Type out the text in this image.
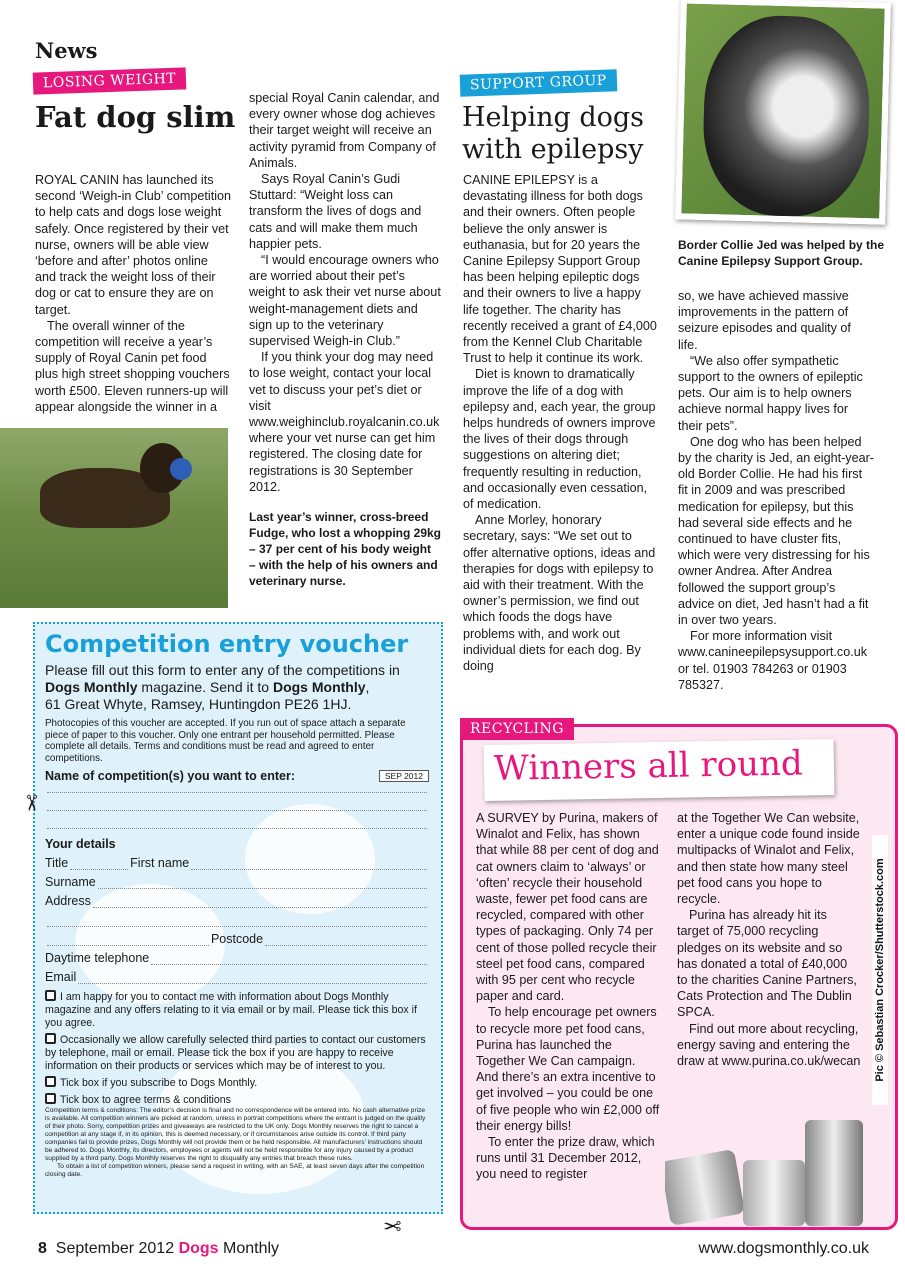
News
LOSING WEIGHT
Fat dog slim

ROYAL CANIN has launched its second ‘Weigh-in Club’ competition to help cats and dogs lose weight safely. Once registered by their vet nurse, owners will be able view ‘before and after’ photos online and track the weight loss of their dog or cat to ensure they are on target.

The overall winner of the competition will receive a year’s supply of Royal Canin pet food plus high street shopping vouchers worth £500. Eleven runners-up will appear alongside the winner in a

special Royal Canin calendar, and every owner whose dog achieves their target weight will receive an activity pyramid from Company of Animals.

Says Royal Canin’s Gudi Stuttard: “Weight loss can transform the lives of dogs and cats and will make them much happier pets.

“I would encourage owners who are worried about their pet’s weight to ask their vet nurse about weight-management diets and sign up to the veterinary supervised Weigh-in Club.”

If you think your dog may need to lose weight, contact your local vet to discuss your pet’s diet or visit www.weighinclub.royalcanin.co.uk where your vet nurse can get him registered. The closing date for registrations is 30 September 2012.

Last year’s winner, cross-breed Fudge, who lost a whopping 29kg – 37 per cent of his body weight – with the help of his owners and veterinary nurse.
Competition entry voucher
Please fill out this form to enter any of the competitions in Dogs Monthly magazine. Send it to Dogs Monthly,
61 Great Whyte, Ramsey, Huntingdon PE26 1HJ.
Photocopies of this voucher are accepted. If you run out of space attach a separate piece of paper to this voucher. Only one entrant per household permitted. Please complete all details. Terms and conditions must be read and agreed to enter competitions.
Name of competition(s) you want to enter:	SEP 2012
Your details
Title	First name
Surname
Address
Postcode
Daytime telephone
Email
I am happy for you to contact me with information about Dogs Monthly magazine and any offers relating to it via email or by mail. Please tick this box if you agree.
Occasionally we allow carefully selected third parties to contact our customers by telephone, mail or email. Please tick the box if you are happy to receive information on their products or services which may be of interest to you.
Tick box if you subscribe to Dogs Monthly.
Tick box to agree terms & conditions
Competition terms & conditions: The editor’s decision is final and no correspondence will be entered into. No cash alternative prize is available. All competition winners are picked at random, unless in portrait competitions where the entrant is judged on the quality of their photo. Sorry, competition prizes and giveaways are restricted to the UK only. Dogs Monthly reserves the right to cancel a competition at any stage if, in its opinion, this is deemed necessary, or if circumstances arise outside its control. If third party companies fail to provide prizes, Dogs Monthly will not provide them or be held responsible. All manufacturers’ instructions should be adhered to. Dogs Monthly, its directors, employees or agents will not be held responsible for any injury caused by a product supplied by a third party. Dogs Monthly reserves the right to disqualify any entries that breach these rules.
To obtain a list of competition winners, please send a request in writing, with an SAE, at least seven days after the competition closing date.
✂
✂
SUPPORT GROUP
Helping dogs with epilepsy

CANINE EPILEPSY is a devastating illness for both dogs and their owners. Often people believe the only answer is euthanasia, but for 20 years the Canine Epilepsy Support Group has been helping epileptic dogs and their owners to live a happy life together. The charity has recently received a grant of £4,000 from the Kennel Club Charitable Trust to help it continue its work.

Diet is known to dramatically improve the life of a dog with epilepsy and, each year, the group helps hundreds of owners improve the lives of their dogs through suggestions on altering diet; frequently resulting in reduction, and occasionally even cessation, of medication.

Anne Morley, honorary secretary, says: “We set out to offer alternative options, ideas and therapies for dogs with epilepsy to aid with their treatment. With the owner’s permission, we find out which foods the dogs have problems with, and work out individual diets for each dog. By doing

Border Collie Jed was helped by the Canine Epilepsy Support Group.

so, we have achieved massive improvements in the pattern of seizure episodes and quality of life.

“We also offer sympathetic support to the owners of epileptic pets. Our aim is to help owners achieve normal happy lives for their pets”.

One dog who has been helped by the charity is Jed, an eight-year-old Border Collie. He had his first fit in 2009 and was prescribed medication for epilepsy, but this had several side effects and he continued to have cluster fits, which were very distressing for his owner Andrea. After Andrea followed the support group’s advice on diet, Jed hasn’t had a fit in over two years.

For more information visit www.canineepilepsysupport.co.uk or tel. 01903 784263 or 01903 785327.

RECYCLING
Winners all round

A SURVEY by Purina, makers of Winalot and Felix, has shown that while 88 per cent of dog and cat owners claim to ‘always’ or ‘often’ recycle their household waste, fewer pet food cans are recycled, compared with other types of packaging. Only 74 per cent of those polled recycle their steel pet food cans, compared with 95 per cent who recycle paper and card.

To help encourage pet owners to recycle more pet food cans, Purina has launched the Together We Can campaign. And there’s an extra incentive to get involved – you could be one of five people who win £2,000 off their energy bills!

To enter the prize draw, which runs until 31 December 2012, you need to register

at the Together We Can website, enter a unique code found inside multipacks of Winalot and Felix, and then state how many steel pet food cans you hope to recycle.

Purina has already hit its target of 75,000 recycling pledges on its website and so has donated a total of £40,000 to the charities Canine Partners, Cats Protection and The Dublin SPCA.

Find out more about recycling, energy saving and entering the draw at www.purina.co.uk/wecan Pic © Sebastian Crocker/Shutterstock.com
8 September 2012 Dogs Monthly	www.dogsmonthly.co.uk
